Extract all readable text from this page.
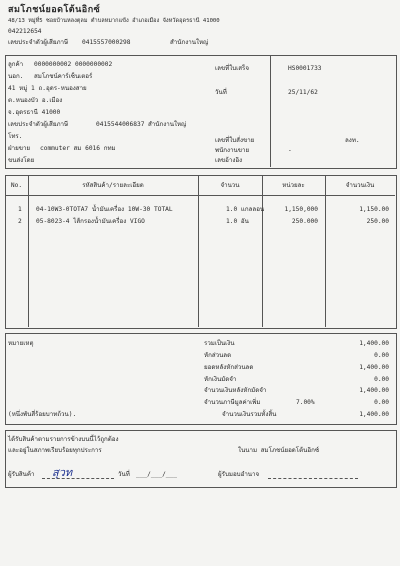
สมโภชน์ยอดโต้นอิกซ์
48/13 หมู่ที่5 ซอยบ้านหลงตุลม ตำบลหมากแข้ง อำเภอเมือง จังหวัดอุดรธานี 41000
042212654
เลขประจำตัวผู้เสียภาษี 0415557000298	สำนักงานใหญ่
ลูกค้า 0000000002 0000000002
นอก. สมโภชน์คาร์เซ็นเตอร์
41 หมู่ 1 ถ.อุดร-หนองสาย
ต.หนองบัว อ.เมือง
จ.อุดรธานี 41000
เลขประจำตัวผู้เสียภาษี	0415544006837 สำนักงานใหญ่
โทร.
ฝ่ายขาย commuter สม 6016 กทม
ขนส่งโดย
เลขที่ใบเสร็จ	HS0001733
วันที่	25/11/62
เลขที่ใบสั่งขาย	ลงท.
พนักงานขาย	-
เลขอ้างอิง
No.	รหัสสินค้า/รายละเอียด	จำนวน	หน่วยละ	จำนวนเงิน
1 04-10W3-0TOTA7 น้ำมันเครื่อง 10W-30 TOTAL	1.0 แกลลอน	1,150,000	1,150.00
2 05-8023-4 ไส้กรองน้ำมันเครื่อง VIGO	1.0 อัน	250.000	250.00
หมายเหตุ	รวมเป็นเงิน	1,400.00
หักส่วนลด	0.00
ยอดหลังหักส่วนลด	1,400.00
หักเงินมัดจำ	0.00
จำนวนเงินหลังหักมัดจำ	1,400.00
จำนวนภาษีมูลค่าเพิ่ม	7.00%	0.00
(หนึ่งพันสี่ร้อยบาทถ้วน).	จำนวนเงินรวมทั้งสิ้น	1,400.00
ได้รับสินค้าตามรายการข้างบนนี้ไว้ถูกต้อง
และอยู่ในสภาพเรียบร้อยทุกประการ	ในนาม สมโภชน์ยอดโต้นอิกซ์
ผู้รับสินค้า สุวท	วันที่ ___/___/___	ผู้รับมอบอำนาจ
